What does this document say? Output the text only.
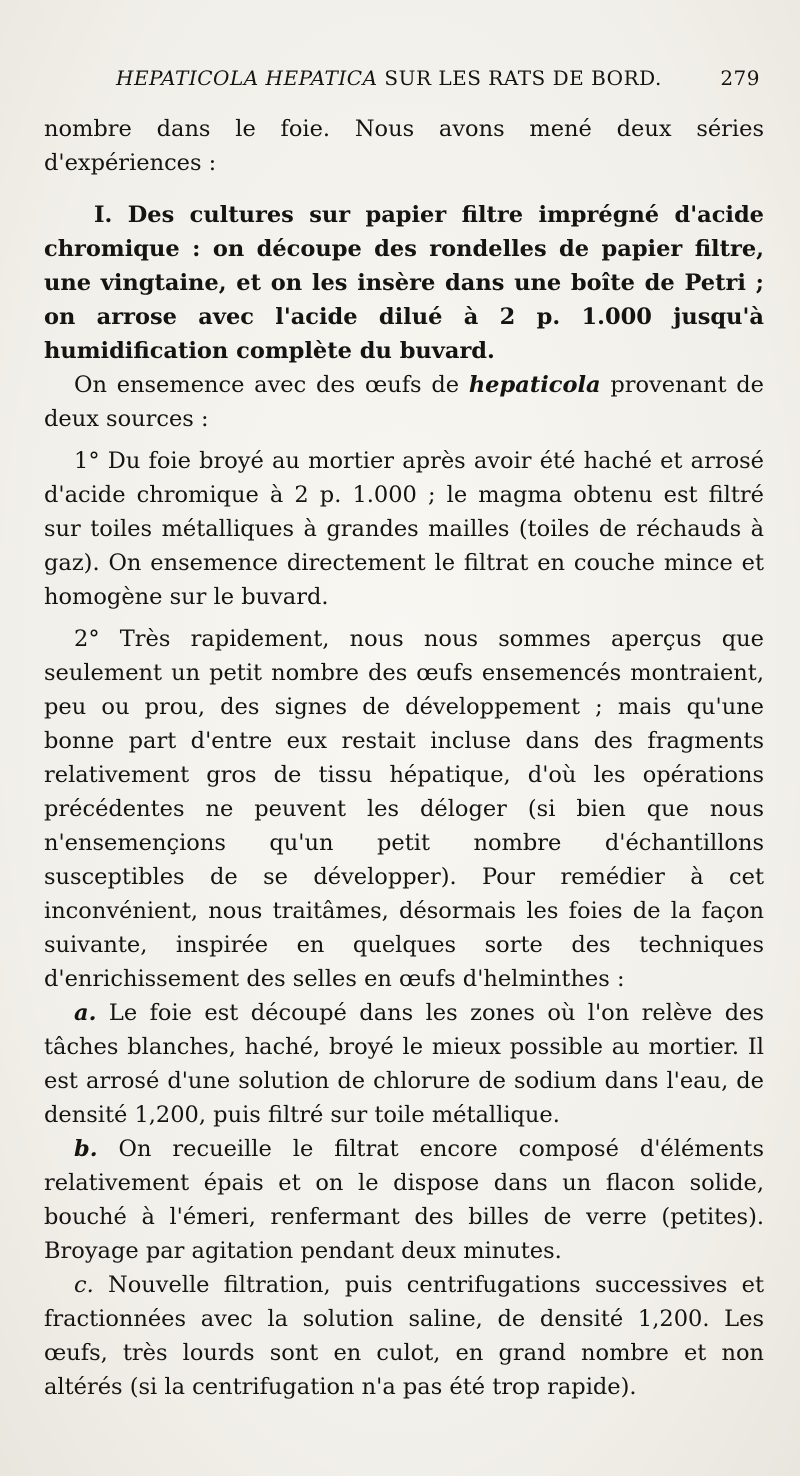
HEPATICOLA HEPATICA SUR LES RATS DE BORD.	279

nombre dans le foie. Nous avons mené deux séries d'expériences :

I. Des cultures sur papier filtre imprégné d'acide chromique : on découpe des rondelles de papier filtre, une vingtaine, et on les insère dans une boîte de Petri ; on arrose avec l'acide dilué à 2 p. 1.000 jusqu'à humidification complète du buvard.

On ensemence avec des œufs de hepaticola provenant de deux sources :

1° Du foie broyé au mortier après avoir été haché et arrosé d'acide chromique à 2 p. 1.000 ; le magma obtenu est filtré sur toiles métalliques à grandes mailles (toiles de réchauds à gaz). On ensemence directement le filtrat en couche mince et homogène sur le buvard.

2° Très rapidement, nous nous sommes aperçus que seulement un petit nombre des œufs ensemencés montraient, peu ou prou, des signes de développement ; mais qu'une bonne part d'entre eux restait incluse dans des fragments relativement gros de tissu hépatique, d'où les opérations précédentes ne peuvent les déloger (si bien que nous n'ensemençions qu'un petit nombre d'échantillons susceptibles de se développer). Pour remédier à cet inconvénient, nous traitâmes, désormais les foies de la façon suivante, inspirée en quelques sorte des techniques d'enrichissement des selles en œufs d'helminthes :

a. Le foie est découpé dans les zones où l'on relève des tâches blanches, haché, broyé le mieux possible au mortier. Il est arrosé d'une solution de chlorure de sodium dans l'eau, de densité 1,200, puis filtré sur toile métallique.

b. On recueille le filtrat encore composé d'éléments relativement épais et on le dispose dans un flacon solide, bouché à l'émeri, renfermant des billes de verre (petites). Broyage par agitation pendant deux minutes.

c. Nouvelle filtration, puis centrifugations successives et fractionnées avec la solution saline, de densité 1,200. Les œufs, très lourds sont en culot, en grand nombre et non altérés (si la centrifugation n'a pas été trop rapide).
